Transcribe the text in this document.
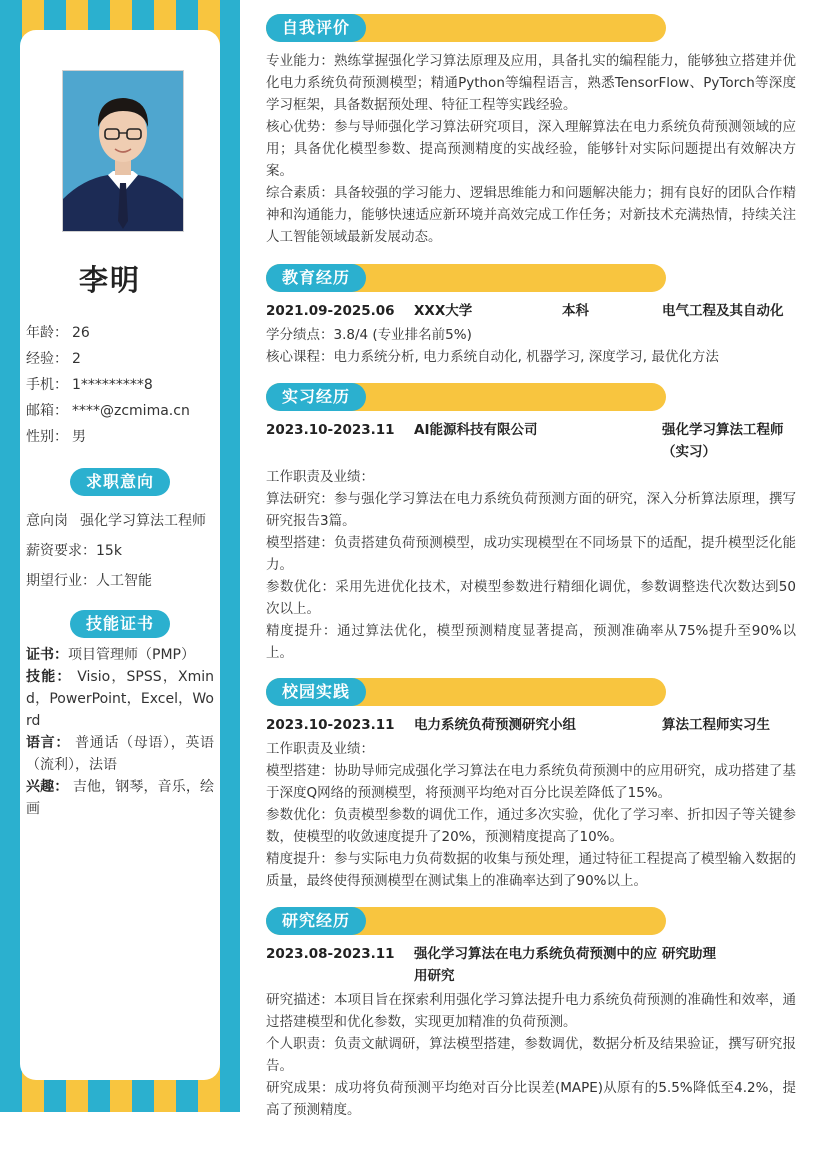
李明
年龄： 26
经验： 2
手机： 1*********8
邮箱： ****@zcmima.cn
性别： 男
求职意向
意向岗 强化学习算法工程师
薪资要求：15k
期望行业：人工智能
技能证书
证书：项目管理师（PMP）
技能： Visio，SPSS，Xmind，PowerPoint，Excel，Word
语言： 普通话（母语），英语（流利），法语
兴趣： 吉他，钢琴，音乐，绘画
自我评价
专业能力：熟练掌握强化学习算法原理及应用，具备扎实的编程能力，能够独立搭建并优化电力系统负荷预测模型；精通Python等编程语言，熟悉TensorFlow、PyTorch等深度学习框架，具备数据预处理、特征工程等实践经验。
核心优势：参与导师强化学习算法研究项目，深入理解算法在电力系统负荷预测领域的应用；具备优化模型参数、提高预测精度的实战经验，能够针对实际问题提出有效解决方案。
综合素质：具备较强的学习能力、逻辑思维能力和问题解决能力；拥有良好的团队合作精神和沟通能力，能够快速适应新环境并高效完成工作任务；对新技术充满热情，持续关注人工智能领域最新发展动态。
教育经历
2021.09-2025.06 XXX大学	本科	电气工程及其自动化
学分绩点：3.8/4 (专业排名前5%)
核心课程：电力系统分析, 电力系统自动化, 机器学习, 深度学习, 最优化方法
实习经历
2023.10-2023.11 AI能源科技有限公司	强化学习算法工程师（实习）
工作职责及业绩：
算法研究：参与强化学习算法在电力系统负荷预测方面的研究，深入分析算法原理，撰写研究报告3篇。
模型搭建：负责搭建负荷预测模型，成功实现模型在不同场景下的适配，提升模型泛化能力。
参数优化：采用先进优化技术，对模型参数进行精细化调优，参数调整迭代次数达到50次以上。
精度提升：通过算法优化，模型预测精度显著提高，预测准确率从75%提升至90%以上。
校园实践
2023.10-2023.11 电力系统负荷预测研究小组	算法工程师实习生
工作职责及业绩：
模型搭建：协助导师完成强化学习算法在电力系统负荷预测中的应用研究，成功搭建了基于深度Q网络的预测模型，将预测平均绝对百分比误差降低了15%。
参数优化：负责模型参数的调优工作，通过多次实验，优化了学习率、折扣因子等关键参数，使模型的收敛速度提升了20%，预测精度提高了10%。
精度提升：参与实际电力负荷数据的收集与预处理，通过特征工程提高了模型输入数据的质量，最终使得预测模型在测试集上的准确率达到了90%以上。
研究经历
2023.08-2023.11 强化学习算法在电力系统负荷预测中的应用研究
研究助理
研究描述：本项目旨在探索利用强化学习算法提升电力系统负荷预测的准确性和效率，通过搭建模型和优化参数，实现更加精准的负荷预测。
个人职责：负责文献调研，算法模型搭建，参数调优，数据分析及结果验证，撰写研究报告。
研究成果：成功将负荷预测平均绝对百分比误差(MAPE)从原有的5.5%降低至4.2%，提高了预测精度。
